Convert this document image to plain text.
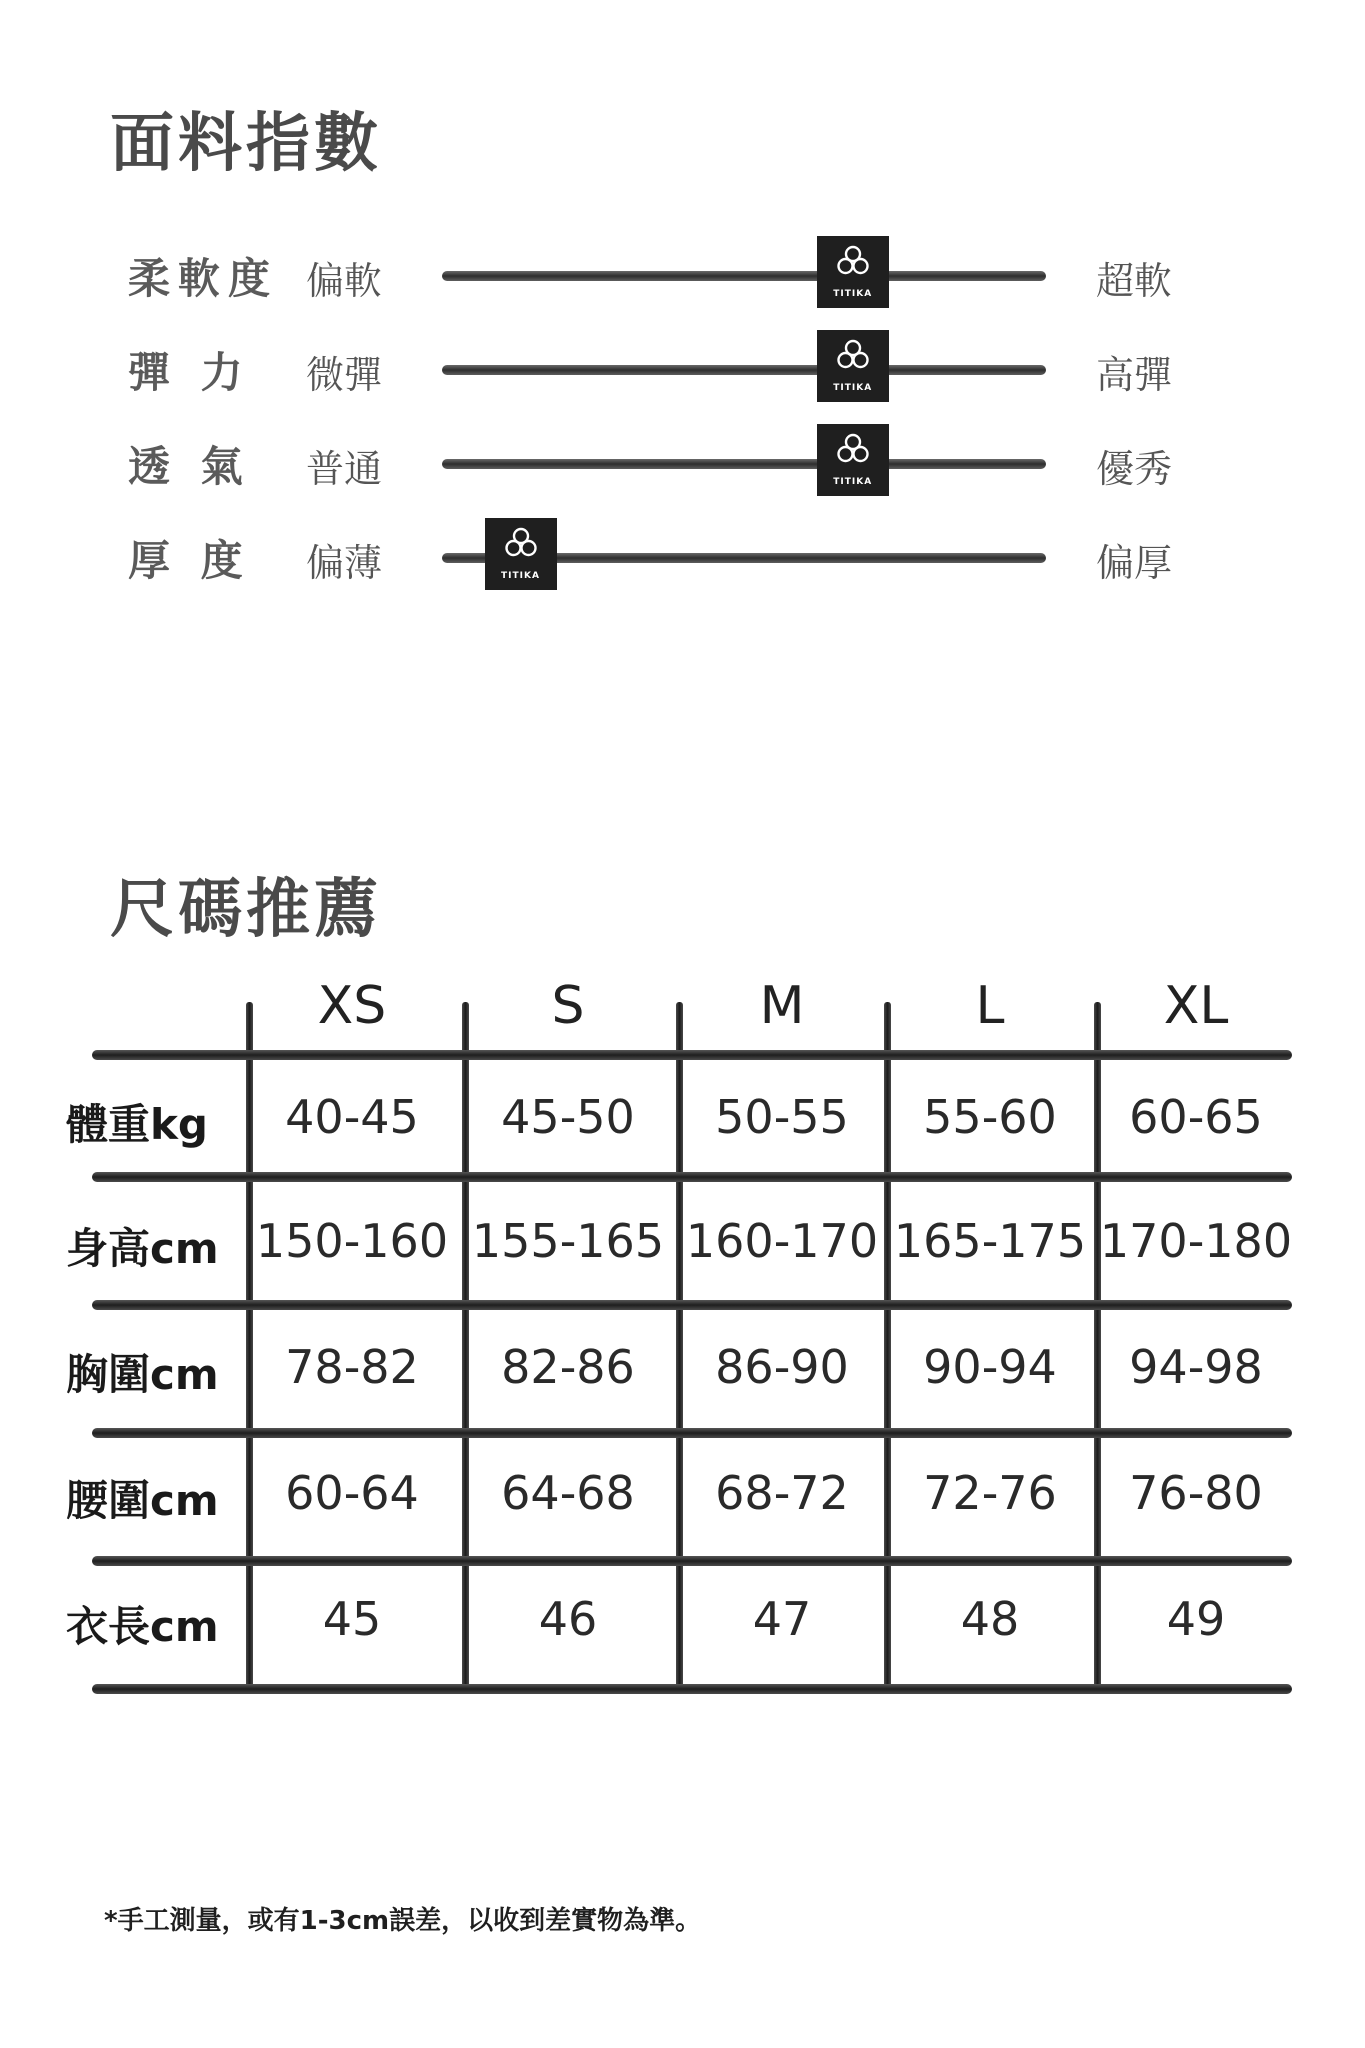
面料指數
柔軟度 偏軟	TITIKA	超軟
彈 力 微彈	TITIKA	高彈
透 氣 普通	TITIKA	優秀
厚 度 偏薄	TITIKA	偏厚
尺碼推薦
XS	S	M	L	XL
體重kg	40-45	45-50	50-55	55-60	60-65
身高cm 150-160 155-165 160-170 165-175 170-180
胸圍cm	78-82	82-86	86-90	90-94	94-98
腰圍cm	60-64	64-68	68-72	72-76	76-80
衣長cm	45	46	47	48	49
*手工測量，或有1-3cm誤差，以收到差實物為準。
